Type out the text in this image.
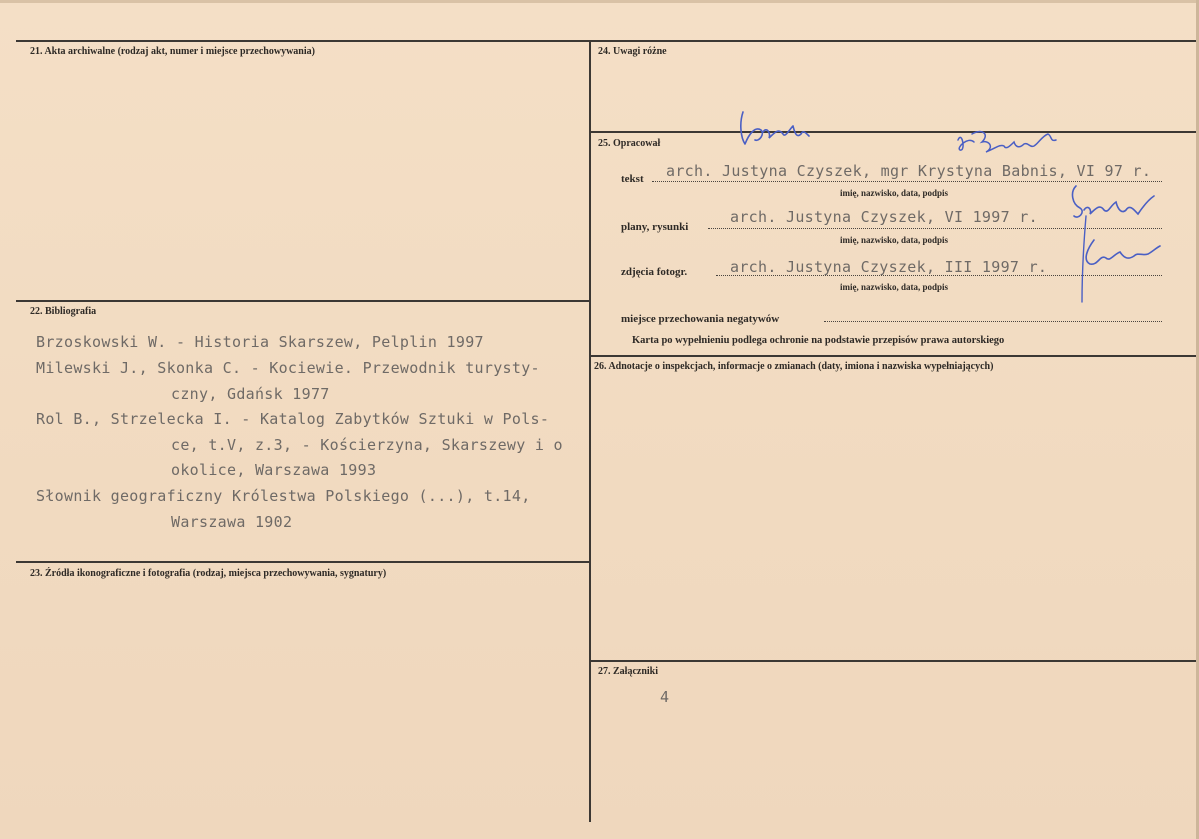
21. Akta archiwalne (rodzaj akt, numer i miejsce przechowywania)
22. Bibliografia
Brzoskowski W. - Historia Skarszew, Pelplin 1997
Milewski J., Skonka C. - Kociewie. Przewodnik turysty-
czny, Gdańsk 1977
Rol B., Strzelecka I. - Katalog Zabytków Sztuki w Pols-
ce, t.V, z.3, - Kościerzyna, Skarszewy i o
okolice, Warszawa 1993
Słownik geograficzny Królestwa Polskiego (...), t.14,
Warszawa 1902
23. Źródła ikonograficzne i fotografia (rodzaj, miejsca przechowywania, sygnatury)
24. Uwagi różne
25. Opracował
tekst arch. Justyna Czyszek, mgr Krystyna Babnis, VI 97 r.
imię, nazwisko, data, podpis
plany, rysunki
arch. Justyna Czyszek, VI 1997 r.
imię, nazwisko, data, podpis
zdjęcia fotogr.	arch. Justyna Czyszek, III 1997 r.
imię, nazwisko, data, podpis
miejsce przechowania negatywów
Karta po wypełnieniu podlega ochronie na podstawie przepisów prawa autorskiego
26. Adnotacje o inspekcjach, informacje o zmianach (daty, imiona i nazwiska wypełniających)
27. Załączniki
4
